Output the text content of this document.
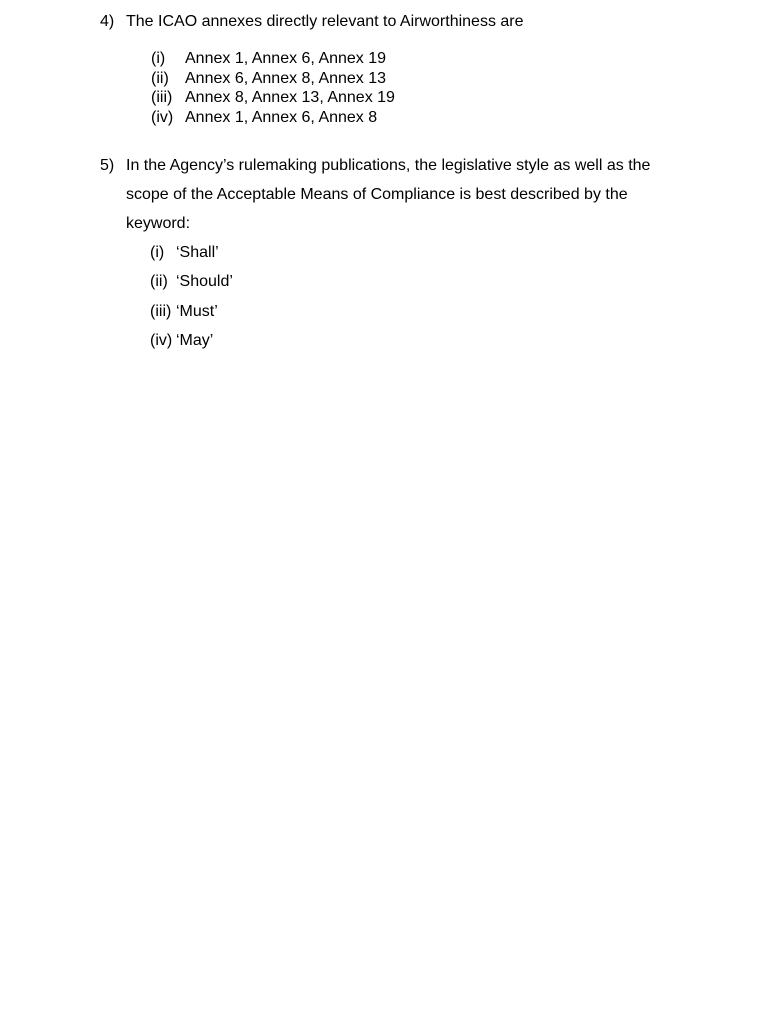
4) The ICAO annexes directly relevant to Airworthiness are
(i) Annex 1, Annex 6, Annex 19
(ii) Annex 6, Annex 8, Annex 13
(iii) Annex 8, Annex 13, Annex 19
(iv) Annex 1, Annex 6, Annex 8
5) In the Agency’s rulemaking publications, the legislative style as well as the scope of the Acceptable Means of Compliance is best described by the keyword:
(i) ‘Shall’
(ii) ‘Should’
(iii) ‘Must’
(iv) ‘May’
